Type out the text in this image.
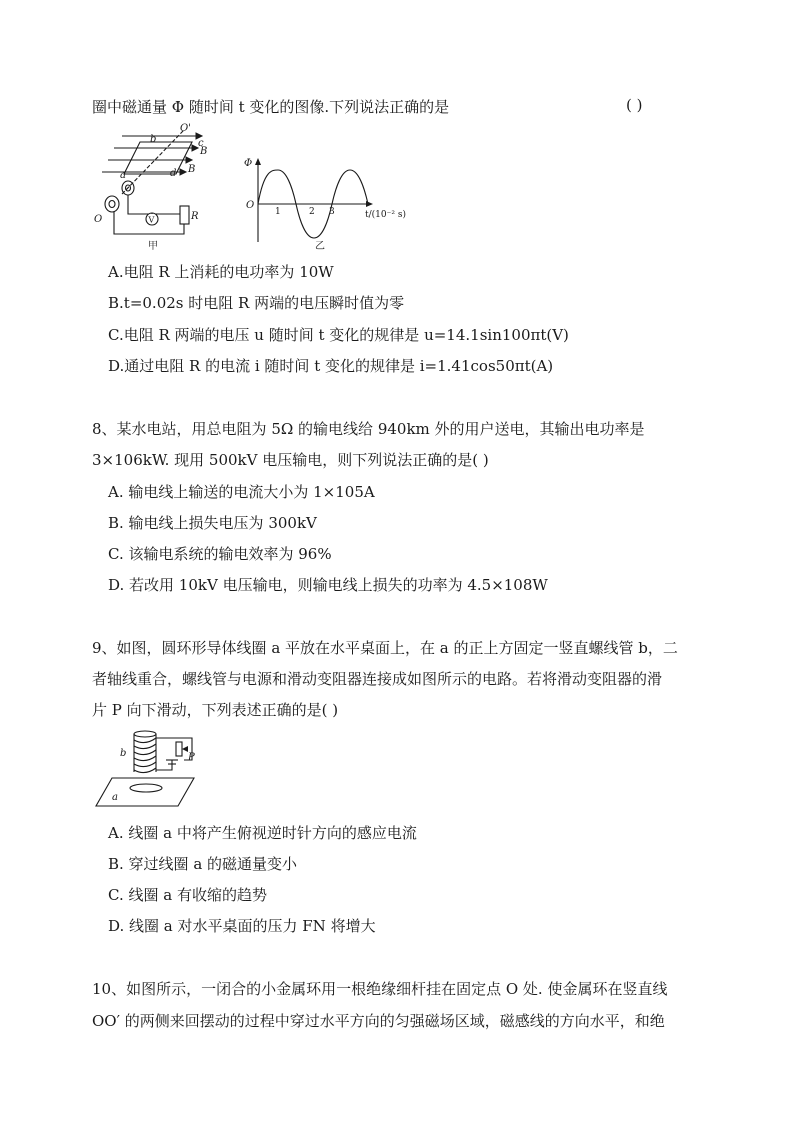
圈中磁通量 Φ 随时间 t 变化的图像.下列说法正确的是	( )
O'
O
a
b	c
d
B
B
V	R
甲
Φ
O
1	2 3	t/(10⁻² s)
乙
A.电阻 R 上消耗的电功率为 10W
B.t=0.02s 时电阻 R 两端的电压瞬时值为零
C.电阻 R 两端的电压 u 随时间 t 变化的规律是 u=14.1sin100πt(V)
D.通过电阻 R 的电流 i 随时间 t 变化的规律是 i=1.41cos50πt(A)
8、某水电站，用总电阻为 5Ω 的输电线给 940km 外的用户送电，其输出电功率是
3×106kW. 现用 500kV 电压输电，则下列说法正确的是( )
A. 输电线上输送的电流大小为 1×105A
B. 输电线上损失电压为 300kV
C. 该输电系统的输电效率为 96%
D. 若改用 10kV 电压输电，则输电线上损失的功率为 4.5×108W
9、如图，圆环形导体线圈 a 平放在水平桌面上，在 a 的正上方固定一竖直螺线管 b，二
者轴线重合，螺线管与电源和滑动变阻器连接成如图所示的电路。若将滑动变阻器的滑
片 P 向下滑动，下列表述正确的是( )
b	P
a
A. 线圈 a 中将产生俯视逆时针方向的感应电流
B. 穿过线圈 a 的磁通量变小
C. 线圈 a 有收缩的趋势
D. 线圈 a 对水平桌面的压力 FN 将增大
10、如图所示，一闭合的小金属环用一根绝缘细杆挂在固定点 O 处. 使金属环在竖直线
OO′ 的两侧来回摆动的过程中穿过水平方向的匀强磁场区域，磁感线的方向水平，和绝
